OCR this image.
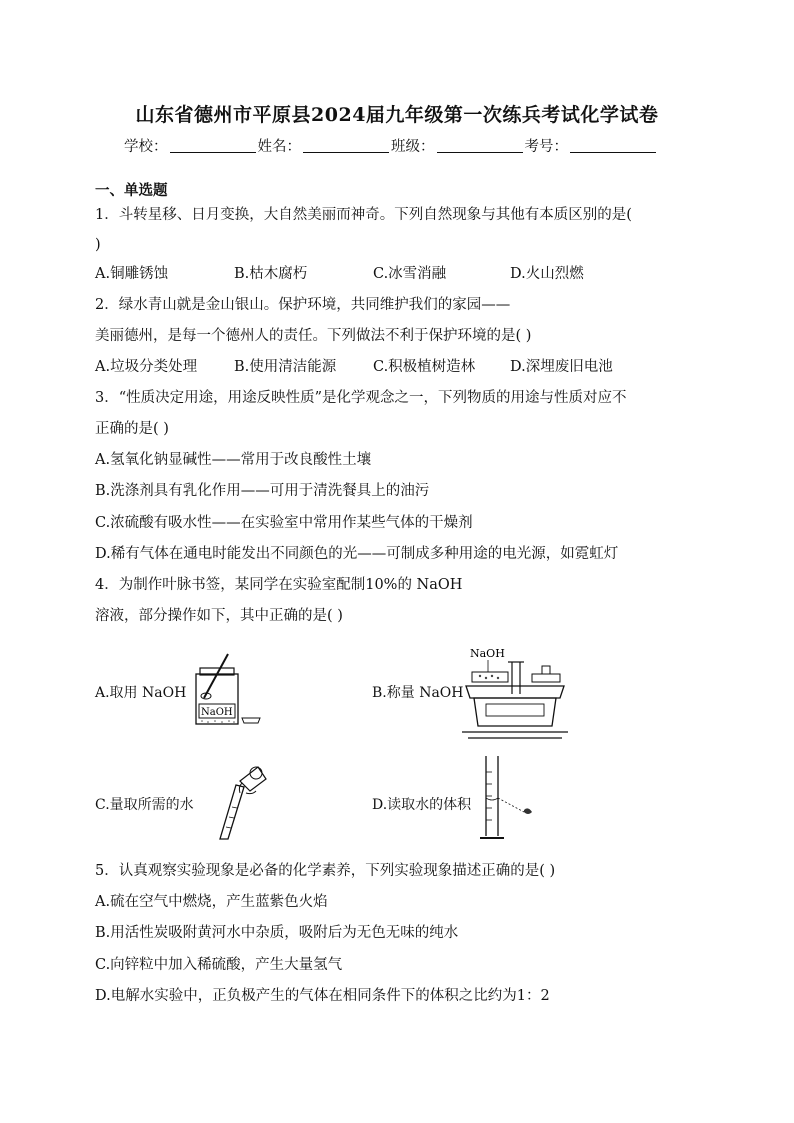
山东省德州市平原县2024届九年级第一次练兵考试化学试卷
学校：	姓名：	班级：	考号：
一、单选题
1．斗转星移、日月变换，大自然美丽而神奇。下列自然现象与其他有本质区别的是(
)
A.铜雕锈蚀	B.枯木腐朽	C.冰雪消融	D.火山烈燃
2．绿水青山就是金山银山。保护环境，共同维护我们的家园——
美丽德州，是每一个德州人的责任。下列做法不利于保护环境的是( )
A.垃圾分类处理	B.使用清洁能源	C.积极植树造林 D.深埋废旧电池
3．“性质决定用途，用途反映性质”是化学观念之一，下列物质的用途与性质对应不
正确的是( )
A.氢氧化钠显碱性——常用于改良酸性土壤
B.洗涤剂具有乳化作用——可用于清洗餐具上的油污
C.浓硫酸有吸水性——在实验室中常用作某些气体的干燥剂
D.稀有气体在通电时能发出不同颜色的光——可制成多种用途的电光源，如霓虹灯
4．为制作叶脉书签，某同学在实验室配制10%的 NaOH
溶液，部分操作如下，其中正确的是( )
A.取用 NaOH
NaOH
B.称量 NaOH
NaOH
C.量取所需的水	D.读取水的体积
5．认真观察实验现象是必备的化学素养，下列实验现象描述正确的是( )
A.硫在空气中燃烧，产生蓝紫色火焰
B.用活性炭吸附黄河水中杂质，吸附后为无色无味的纯水
C.向锌粒中加入稀硫酸，产生大量氢气
D.电解水实验中，正负极产生的气体在相同条件下的体积之比约为1：2
